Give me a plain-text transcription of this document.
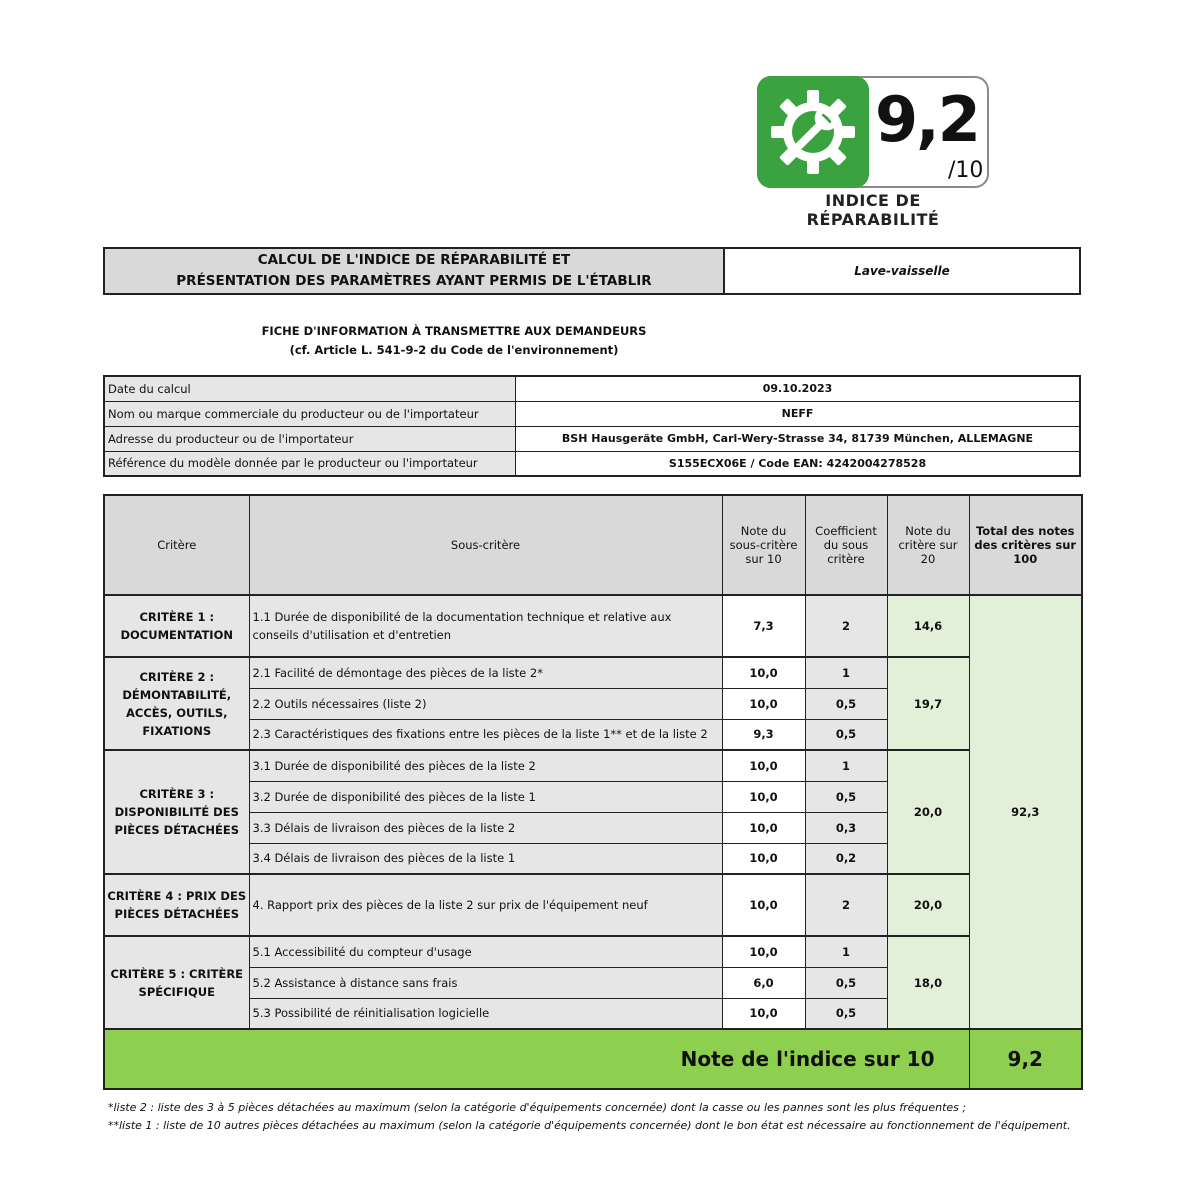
9,2
/10
INDICE DE RÉPARABILITÉ
CALCUL DE L'INDICE DE RÉPARABILITÉ ET
PRÉSENTATION DES PARAMÈTRES AYANT PERMIS DE L'ÉTABLIR
Lave-vaisselle
FICHE D'INFORMATION À TRANSMETTRE AUX DEMANDEURS
(cf. Article L. 541-9-2 du Code de l'environnement)
Date du calcul	09.10.2023
Nom ou marque commerciale du producteur ou de l'importateur	NEFF
Adresse du producteur ou de l'importateur	BSH Hausgeräte GmbH, Carl-Wery-Strasse 34, 81739 München, ALLEMAGNE
Référence du modèle donnée par le producteur ou l'importateur	S155ECX06E / Code EAN: 4242004278528
Critère	Sous-critère	Note du sous-critère sur 10	Coefficient du sous critère	Note du critère sur 20	Total des notes des critères sur 100
CRITÈRE 1 : DOCUMENTATION	1.1 Durée de disponibilité de la documentation technique et relative aux conseils d'utilisation et d'entretien	7,3	2	14,6	92,3
CRITÈRE 2 : DÉMONTABILITÉ, ACCÈS, OUTILS, FIXATIONS	2.1 Facilité de démontage des pièces de la liste 2*	10,0	1	19,7	
	2.2 Outils nécessaires (liste 2)	10,0	0,5		
	2.3 Caractéristiques des fixations entre les pièces de la liste 1** et de la liste 2	9,3	0,5		
CRITÈRE 3 : DISPONIBILITÉ DES PIÈCES DÉTACHÉES	3.1 Durée de disponibilité des pièces de la liste 2	10,0	1	20,0	
	3.2 Durée de disponibilité des pièces de la liste 1	10,0	0,5		
	3.3 Délais de livraison des pièces de la liste 2	10,0	0,3		
	3.4 Délais de livraison des pièces de la liste 1	10,0	0,2		
CRITÈRE 4 : PRIX DES PIÈCES DÉTACHÉES	4. Rapport prix des pièces de la liste 2 sur prix de l'équipement neuf	10,0	2	20,0	
CRITÈRE 5 : CRITÈRE SPÉCIFIQUE	5.1 Accessibilité du compteur d'usage	10,0	1	18,0	
	5.2 Assistance à distance sans frais	6,0	0,5		
	5.3 Possibilité de réinitialisation logicielle	10,0	0,5		
Note de l'indice sur 10					9,2
*liste 2 : liste des 3 à 5 pièces détachées au maximum (selon la catégorie d'équipements concernée) dont la casse ou les pannes sont les plus fréquentes ;
**liste 1 : liste de 10 autres pièces détachées au maximum (selon la catégorie d'équipements concernée) dont le bon état est nécessaire au fonctionnement de l'équipement.
